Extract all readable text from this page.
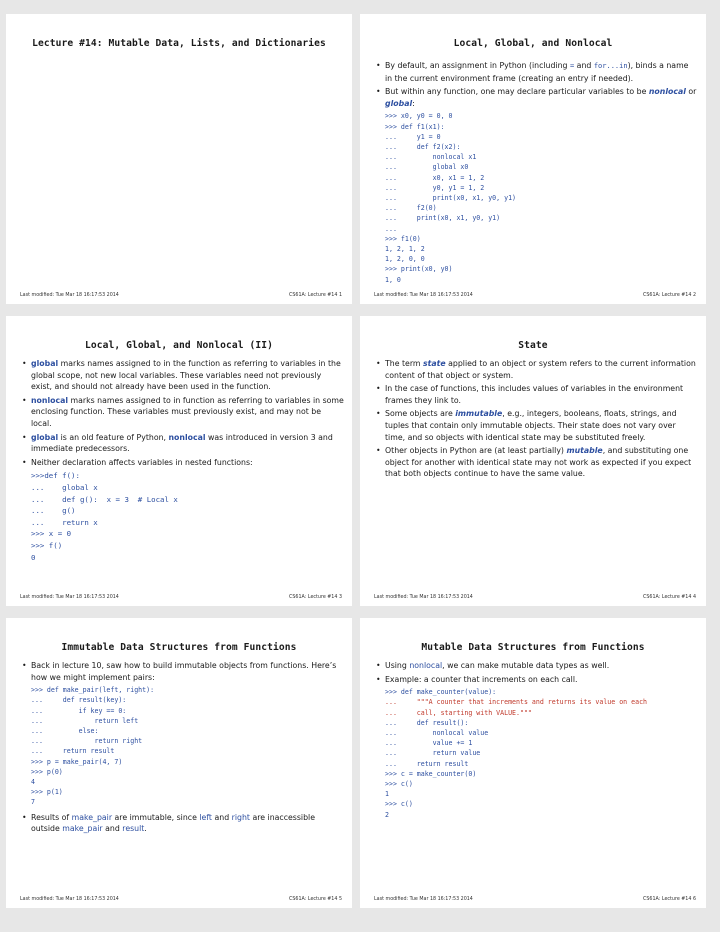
Lecture #14: Mutable Data, Lists, and Dictionaries
Last modified: Tue Mar 18 16:17:53 2014	CS61A: Lecture #14 1
Local, Global, and Nonlocal
• By default, an assignment in Python (including = and for...in), binds a name in the current environment frame (creating an entry if needed).
• But within any function, one may declare particular variables to be nonlocal or global:
>>> x0, y0 = 0, 0
>>> def f1(x1):
...     y1 = 0
...     def f2(x2):
...         nonlocal x1
...         global x0
...         x0, x1 = 1, 2
...         y0, y1 = 1, 2
...         print(x0, x1, y0, y1)
...     f2(0)
...     print(x0, x1, y0, y1)
...
>>> f1(0)
1, 2, 1, 2
1, 2, 0, 0
>>> print(x0, y0)
1, 0
Last modified: Tue Mar 18 16:17:53 2014	CS61A: Lecture #14 2
Local, Global, and Nonlocal (II)
• global marks names assigned to in the function as referring to variables in the global scope, not new local variables. These variables need not previously exist, and should not already have been used in the function.
• nonlocal marks names assigned to in function as referring to variables in some enclosing function. These variables must previously exist, and may not be local.
• global is an old feature of Python, nonlocal was introduced in version 3 and immediate predecessors.
• Neither declaration affects variables in nested functions:
>>>def f():
...    global x
...    def g():  x = 3  # Local x
...    g()
...    return x
>>> x = 0
>>> f()
0
Last modified: Tue Mar 18 16:17:53 2014	CS61A: Lecture #14 3
State
• The term state applied to an object or system refers to the current information content of that object or system.
• In the case of functions, this includes values of variables in the environment frames they link to.
• Some objects are immutable, e.g., integers, booleans, floats, strings, and tuples that contain only immutable objects. Their state does not vary over time, and so objects with identical state may be substituted freely.
• Other objects in Python are (at least partially) mutable, and substituting one object for another with identical state may not work as expected if you expect that both objects continue to have the same value.
Last modified: Tue Mar 18 16:17:53 2014	CS61A: Lecture #14 4
Immutable Data Structures from Functions
• Back in lecture 10, saw how to build immutable objects from functions. Here’s how we might implement pairs:
>>> def make_pair(left, right):
...     def result(key):
...         if key == 0:
...             return left
...         else:
...             return right
...     return result
>>> p = make_pair(4, 7)
>>> p(0)
4
>>> p(1)
7
• Results of make_pair are immutable, since left and right are inaccessible outside make_pair and result.
Last modified: Tue Mar 18 16:17:53 2014	CS61A: Lecture #14 5
Mutable Data Structures from Functions
• Using nonlocal, we can make mutable data types as well.
• Example: a counter that increments on each call.
>>> def make_counter(value):
...     """A counter that increments and returns its value on each
...     call, starting with VALUE."""
...     def result():
...         nonlocal value
...         value += 1
...         return value
...     return result
>>> c = make_counter(0)
>>> c()
1
>>> c()
2
Last modified: Tue Mar 18 16:17:53 2014	CS61A: Lecture #14 6
